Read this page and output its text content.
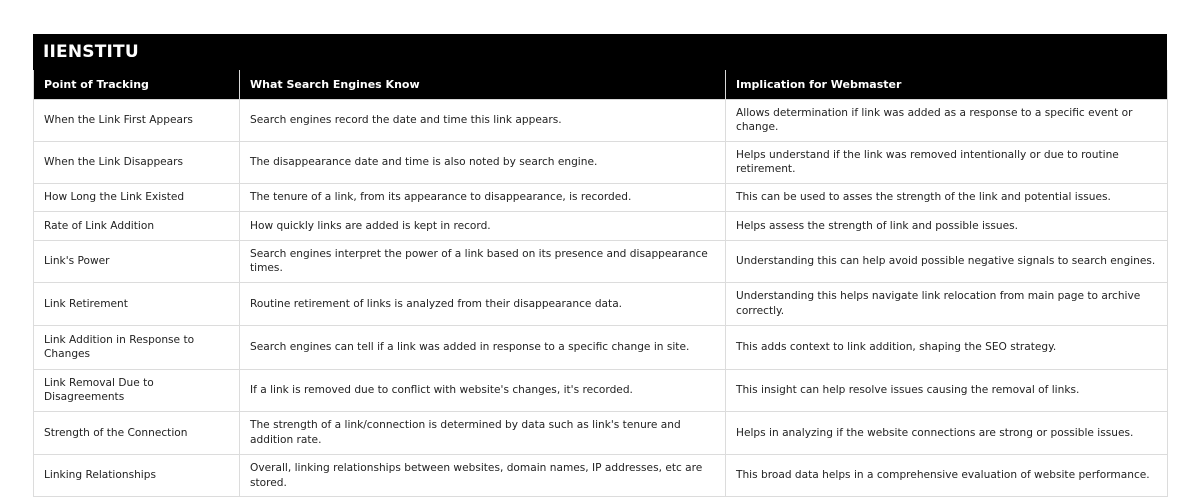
IIENSTITU
Point of Tracking	What Search Engines Know	Implication for Webmaster
When the Link First Appears	Search engines record the date and time this link appears.	Allows determination if link was added as a response to a specific event or change.
When the Link Disappears	The disappearance date and time is also noted by search engine.	Helps understand if the link was removed intentionally or due to routine retirement.
How Long the Link Existed	The tenure of a link, from its appearance to disappearance, is recorded.	This can be used to asses the strength of the link and potential issues.
Rate of Link Addition	How quickly links are added is kept in record.	Helps assess the strength of link and possible issues.
Link's Power	Search engines interpret the power of a link based on its presence and disappearance times.	Understanding this can help avoid possible negative signals to search engines.
Link Retirement	Routine retirement of links is analyzed from their disappearance data.	Understanding this helps navigate link relocation from main page to archive correctly.
Link Addition in Response to Changes	Search engines can tell if a link was added in response to a specific change in site.	This adds context to link addition, shaping the SEO strategy.
Link Removal Due to Disagreements	If a link is removed due to conflict with website's changes, it's recorded.	This insight can help resolve issues causing the removal of links.
Strength of the Connection	The strength of a link/connection is determined by data such as link's tenure and addition rate.	Helps in analyzing if the website connections are strong or possible issues.
Linking Relationships	Overall, linking relationships between websites, domain names, IP addresses, etc are stored.	This broad data helps in a comprehensive evaluation of website performance.
